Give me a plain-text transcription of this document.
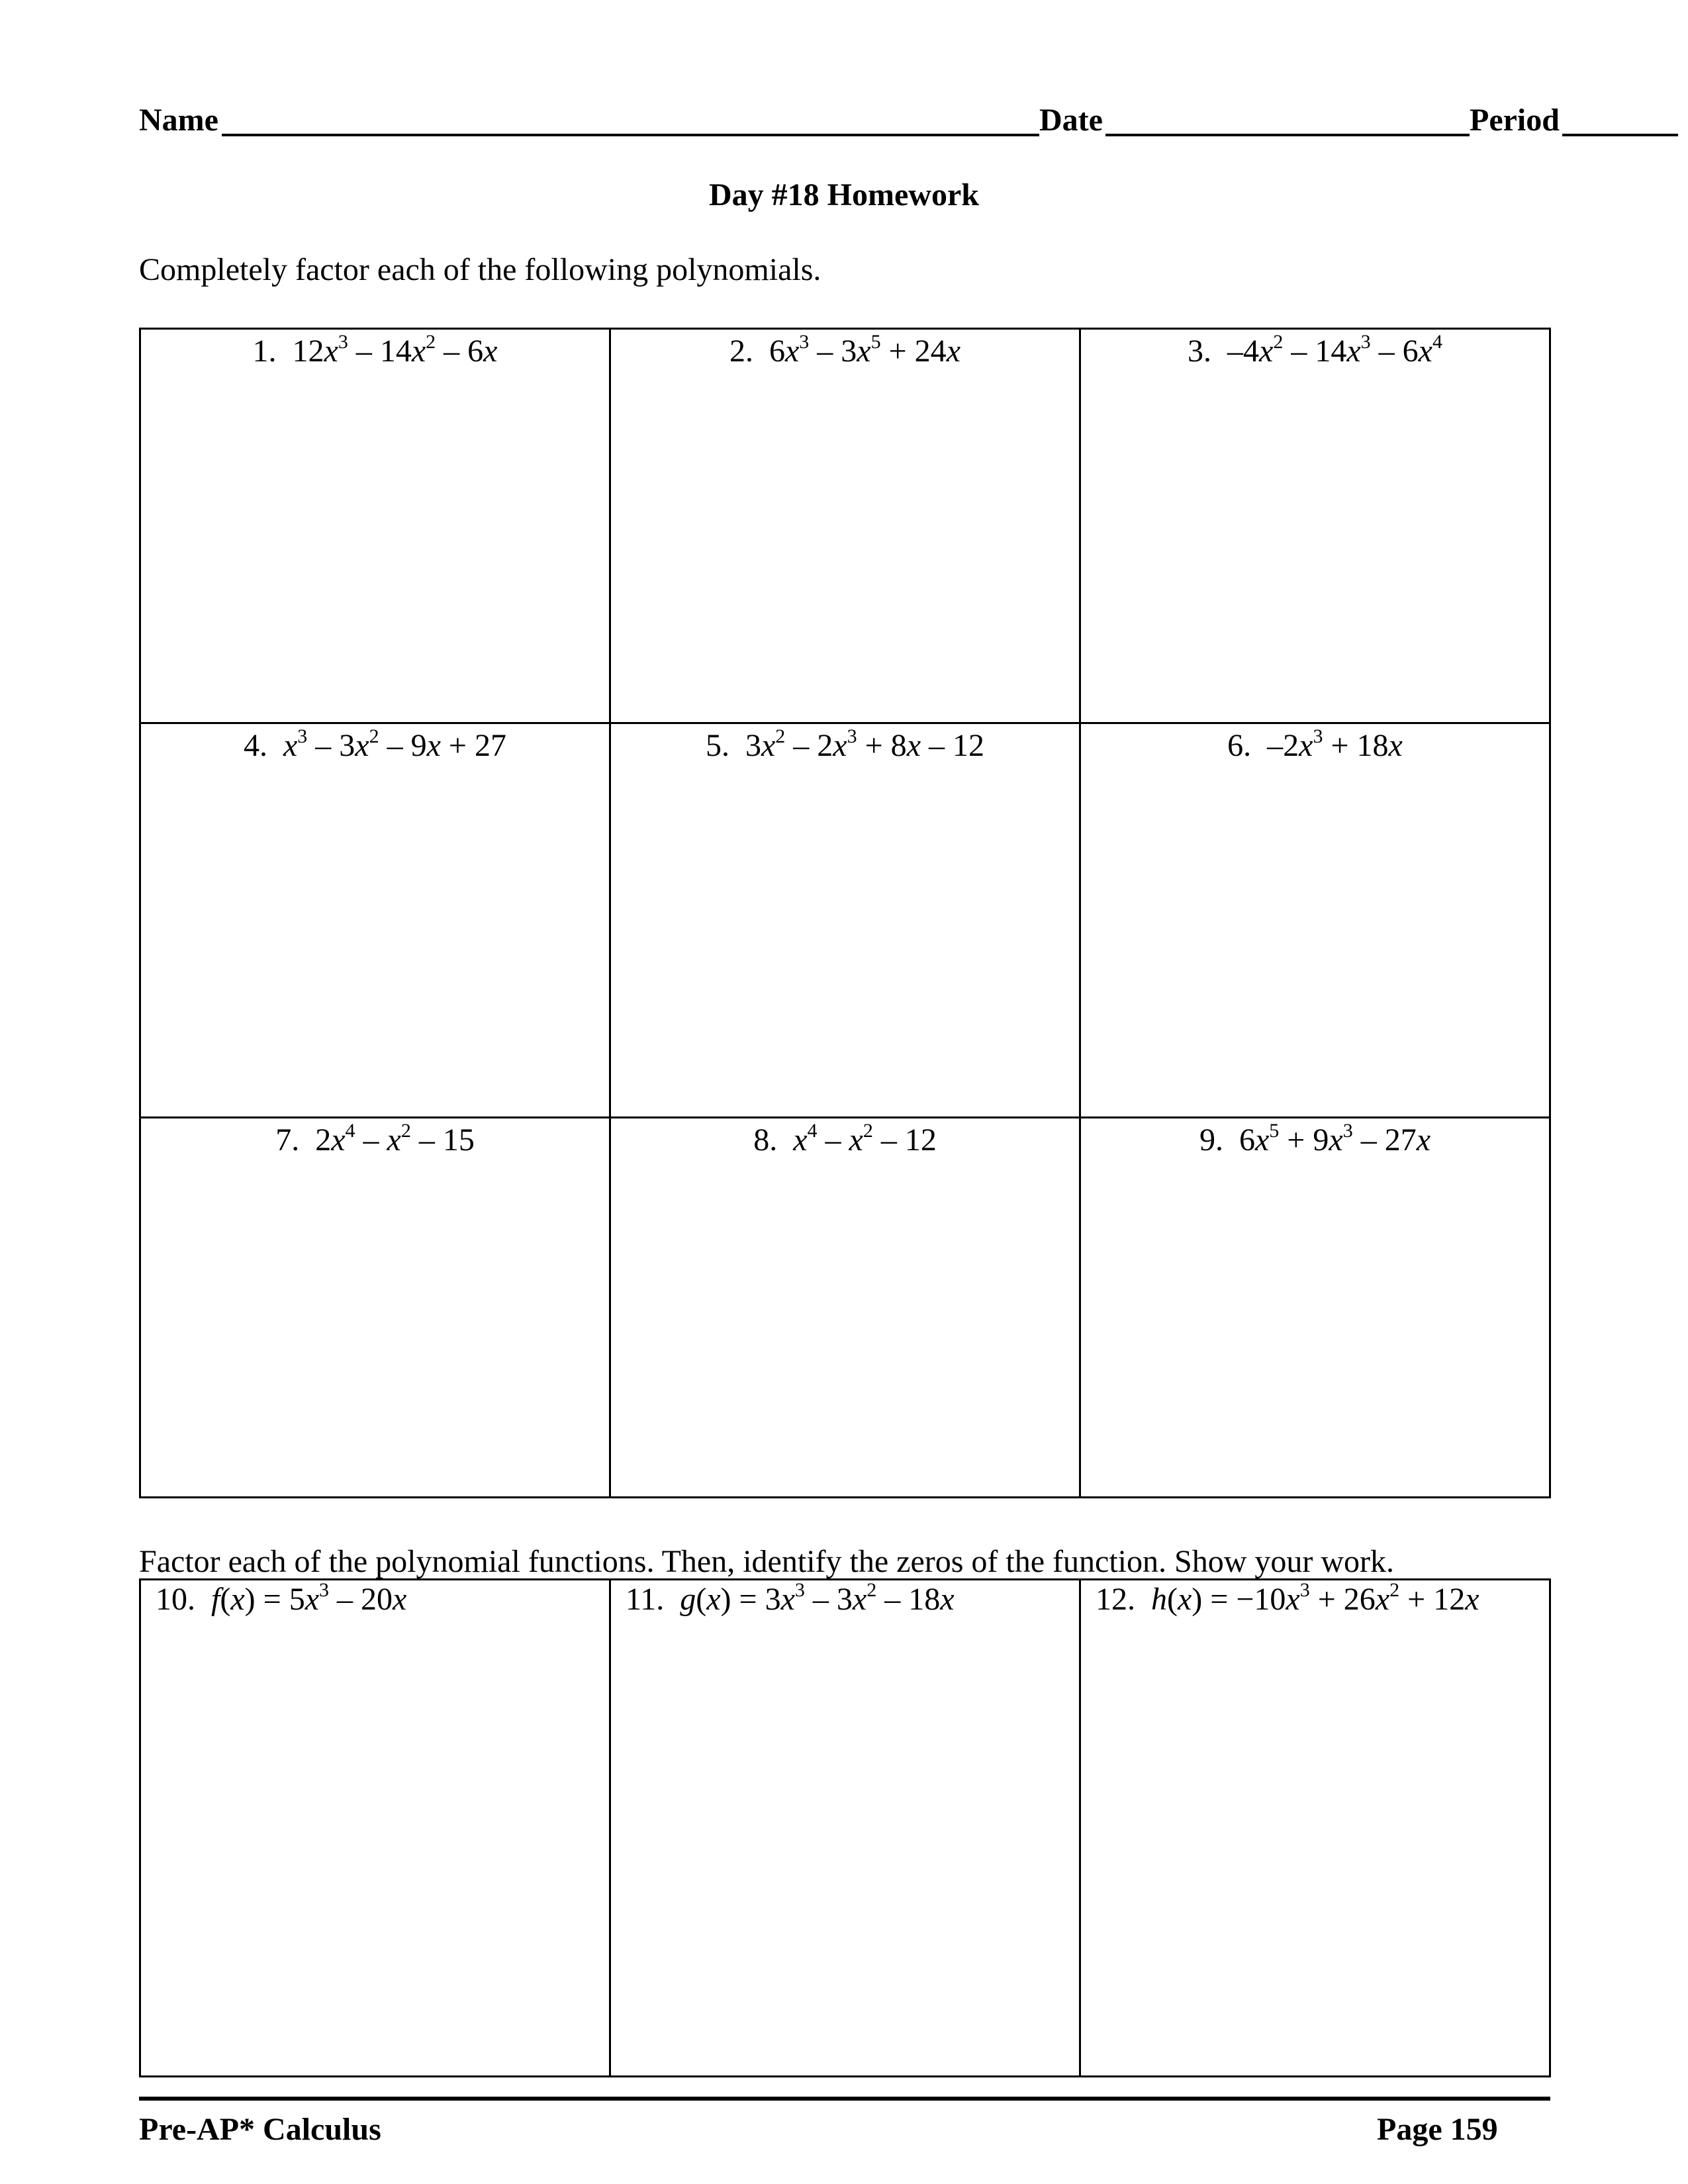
Name	Date	Period
Day #18 Homework
Completely factor each of the following polynomials.
1.  $12x^3 - 14x^2 - 6x$	2.  $6x^3 - 3x^5 + 24x$	3.  $-4x^2 - 14x^3 - 6x^4$

4. $x^3 - 3x^2 - 9x + 27$	5.  $3x^2 - 2x^3 + 8x - 12$	6.  $-2x^3 + 18x$

7.  $2x^4 - x^2 - 15$	8. $x^4 - x^2 - 12$	9.  $6x^5 + 9x^3 - 27x$
Factor each of the polynomial functions. Then, identify the zeros of the function. Show your work.
10. $f(x) = 5x^3 - 20x$	11. $g(x) = 3x^3 - 3x^2 - 18x$	12. $h(x) = -10x^3 + 26x^2 + 12x$
Pre-AP* Calculus	Page 159
